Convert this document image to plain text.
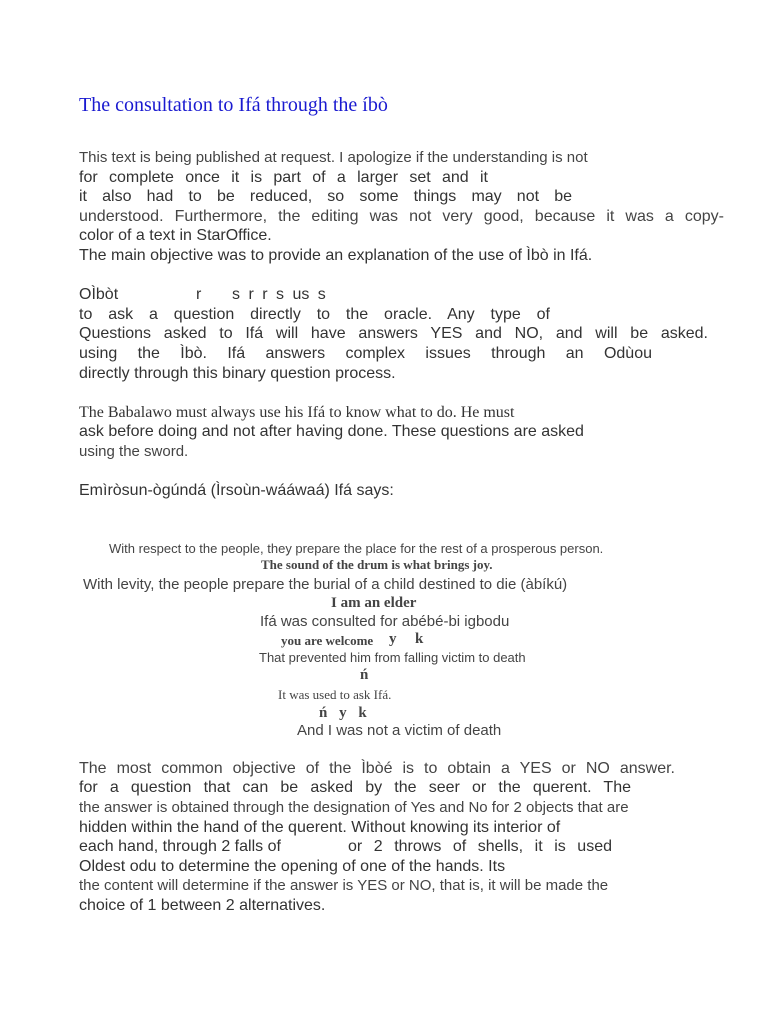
The consultation to Ifá through the íbò

This text is being published at request. I apologize if the understanding is not

for complete once it is part of a larger set and it

it also had to be reduced, so some things may not be

understood. Furthermore, the editing was not very good, because it was a copy-

color of a text in StarOffice.

The main objective was to provide an explanation of the use of Ìbò in Ifá.

OÌbòt	r s r r s us s

to ask a question directly to the oracle. Any type of

Questions asked to Ifá will have answers YES and NO, and will be asked.

using the Ìbò. Ifá answers complex issues through an Odùou

directly through this binary question process.

The Babalawo must always use his Ifá to know what to do. He must

ask before doing and not after having done. These questions are asked

using the sword.

Emìròsun-ògúndá (Ìrsoùn-wááwaá) Ifá says:

With respect to the people, they prepare the place for the rest of a prosperous person.

The sound of the drum is what brings joy.

With levity, the people prepare the burial of a child destined to die (àbíkú)

I am an elder

Ifá was consulted for abébé-bi igbodu

you are welcome y k

That prevented him from falling victim to death

ń

It was used to ask Ifá.

ń y k

And I was not a victim of death

The most common objective of the Ìbòé is to obtain a YES or NO answer.

for a question that can be asked by the seer or the querent. The

the answer is obtained through the designation of Yes and No for 2 objects that are

hidden within the hand of the querent. Without knowing its interior of

each hand, through 2 falls of	or 2 throws of shells, it is used

Oldest odu to determine the opening of one of the hands. Its

the content will determine if the answer is YES or NO, that is, it will be made the

choice of 1 between 2 alternatives.
